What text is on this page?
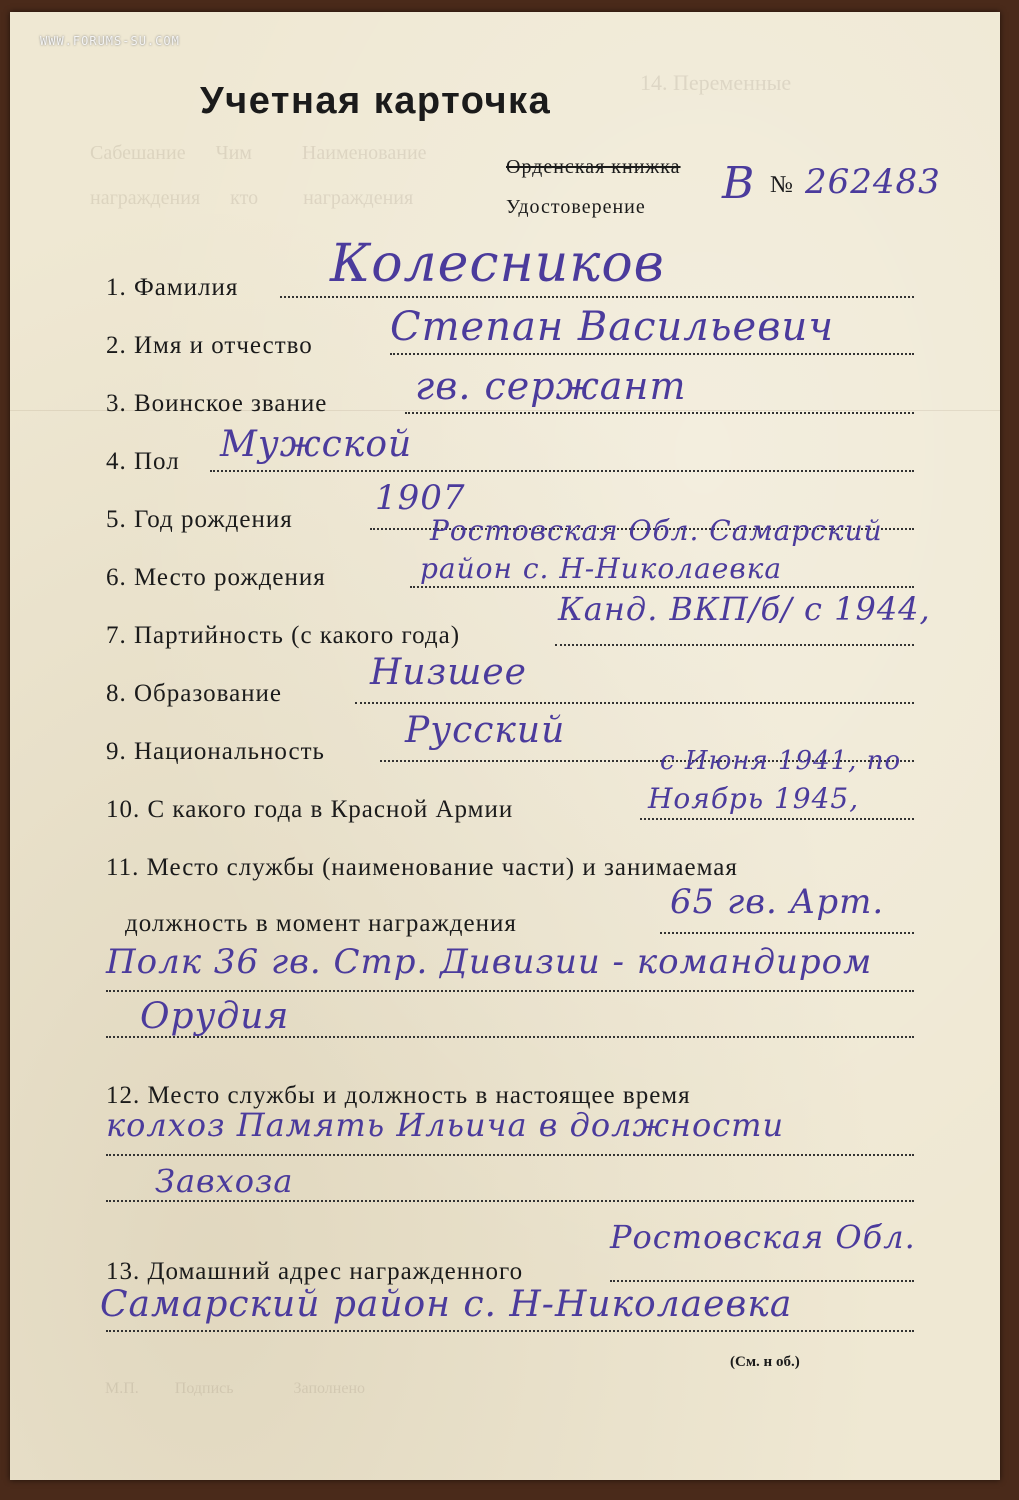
WWW.FORUMS-SU.COM
14. Переменные
Сабешание      Чим          Наименование
награждения      кто         награждения
Учетная карточка
Орденская книжка
Удостоверение В № 262483
1. Фамилия Колесников
2. Имя и отчество Степан Васильевич
3. Воинское звание гв. сержант
4. Пол Мужской
5. Год рождения
1907
6. Место рождения
Ростовская Обл. Самарский
район с. Н-Николаевка
7. Партийность (с какого года)
Канд. ВКП/б/ с 1944,
8. Образование
Низшее
9. Национальность
Русский
10. С какого года в Красной Армии
с Июня 1941, по
Ноябрь 1945,
11. Место службы (наименование части) и занимаемая
должность в момент награждения
65 гв. Арт.
Полк 36 гв. Стр. Дивизии - командиром
Орудия
12. Место службы и должность в настоящее время
колхоз Память Ильича в должности
Завхоза
13. Домашний адрес награжденного
Ростовская Обл.
Самарский район с. Н-Николаевка
М.П.         Подпись               Заполнено
(См. н об.)
